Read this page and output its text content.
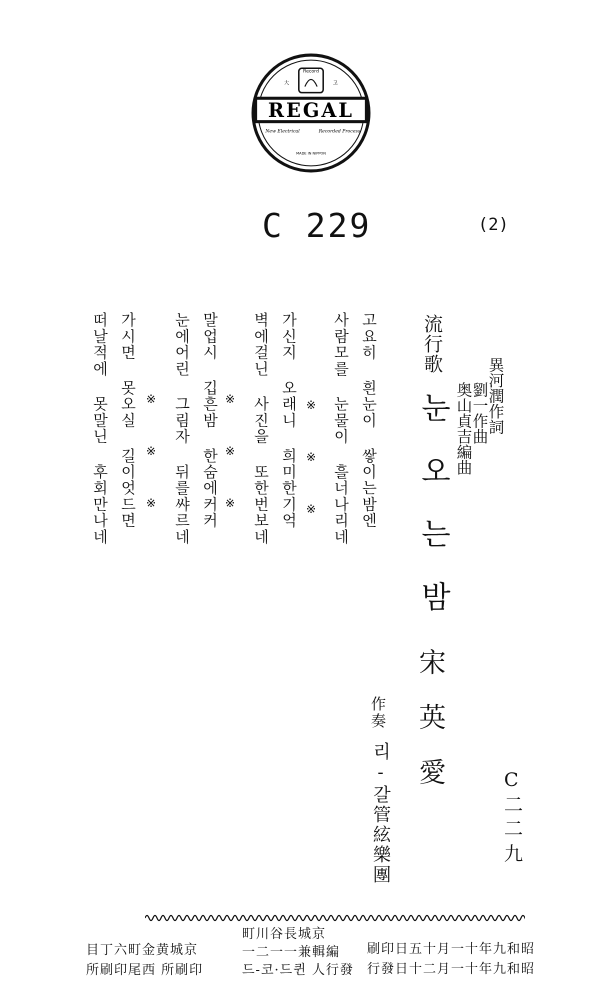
Record
大	고
REGAL
New Electrical	Recorded Process
MADE IN NIPPON
C 229	(2)
流行歌
눈오는밤 異河潤作詞
劉一作曲
奥山貞吉編曲
고요히 흰눈이 쌓이는밤엔
사람모를 눈물이 흘너나리네
가신지 오래니 희미한기억
벽에걸닌 사진을 또한번보네
말업시 깁흔밤 한숨에커커
눈에어린 그림자 뒤를쌰르네
가시면 못오실 길이엇드면
떠날적에 못말닌 후회만나네	※
※
※
※
※
※
※
※
※
宋英愛
作奏
리-갈管絃樂團	C
二
二
九
昭和九年十一月十五日印刷
昭和九年十一月二十日發行
京城長谷川町
編輯兼一一二一
發行人 퀸드·코-드
京城黄金町六丁目
印刷所 西尾印刷所
